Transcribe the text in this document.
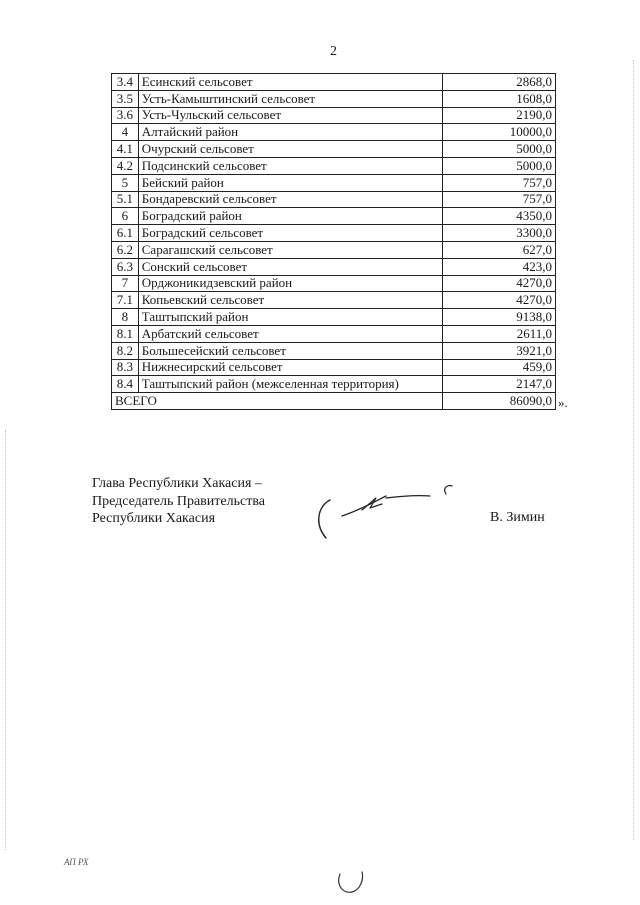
2
3.4	Есинский сельсовет	2868,0
3.5	Усть-Камыштинский сельсовет	1608,0
3.6	Усть-Чульский сельсовет	2190,0
4	Алтайский район	10000,0
4.1	Очурский сельсовет	5000,0
4.2	Подсинский сельсовет	5000,0
5	Бейский район	757,0
5.1	Бондаревский сельсовет	757,0
6	Боградский район	4350,0
6.1	Боградский сельсовет	3300,0
6.2	Сарагашский сельсовет	627,0
6.3	Сонский сельсовет	423,0
7	Орджоникидзевский район	4270,0
7.1	Копьевский сельсовет	4270,0
8	Таштыпский район	9138,0
8.1	Арбатский сельсовет	2611,0
8.2	Большесейский сельсовет	3921,0
8.3	Нижнесирский сельсовет	459,0
8.4	Таштыпский район (межселенная территория)	2147,0
ВСЕГО		86090,0 ».
Глава Республики Хакасия –
Председатель Правительства
Республики Хакасия	В. Зимин
АП РХ
